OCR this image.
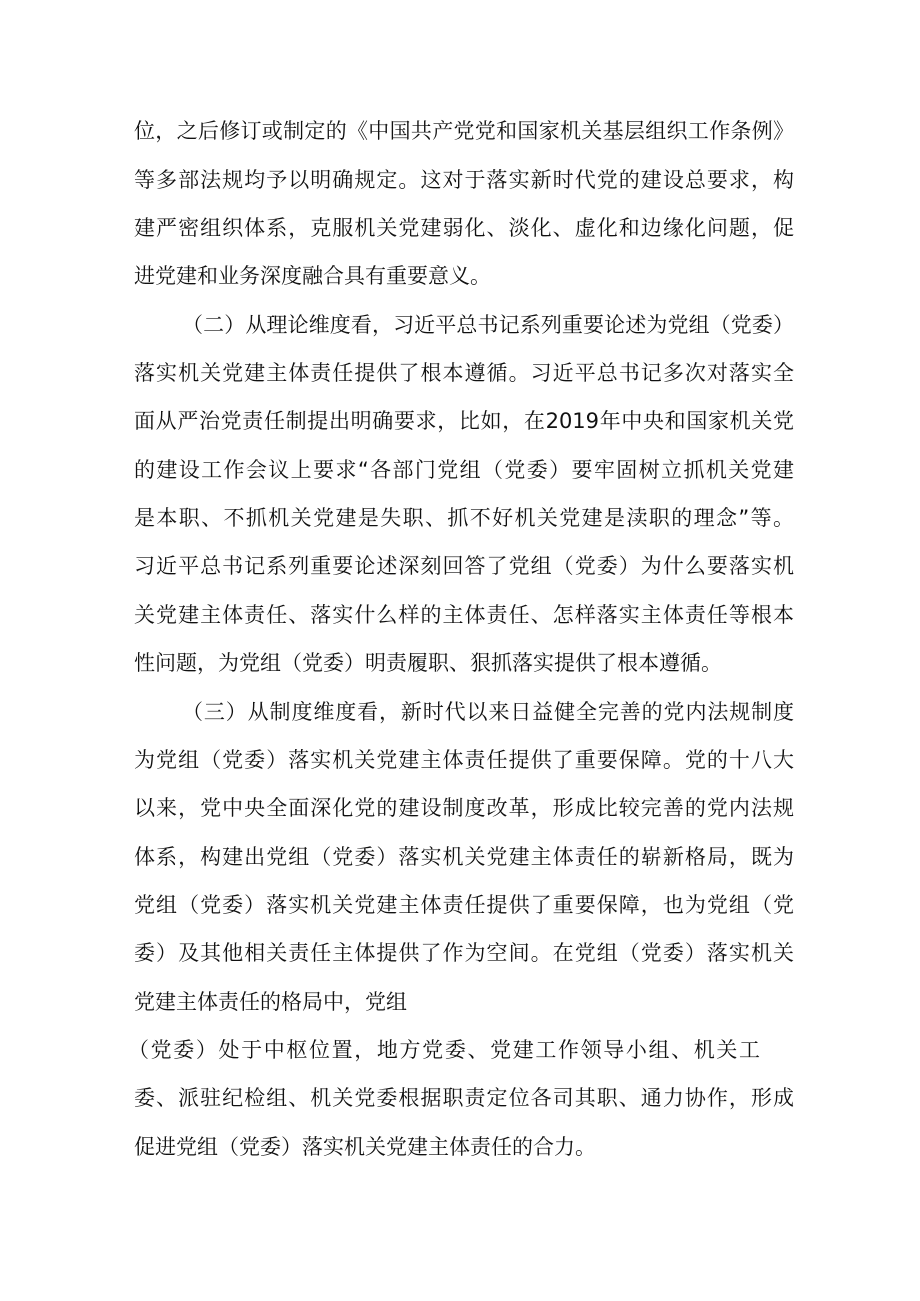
位，之后修订或制定的《中国共产党党和国家机关基层组织工作条例》
等多部法规均予以明确规定。这对于落实新时代党的建设总要求，构
建严密组织体系，克服机关党建弱化、淡化、虚化和边缘化问题，促
进党建和业务深度融合具有重要意义。
（二）从理论维度看，习近平总书记系列重要论述为党组（党委）
落实机关党建主体责任提供了根本遵循。习近平总书记多次对落实全
面从严治党责任制提出明确要求，比如，在2019年中央和国家机关党
的建设工作会议上要求“各部门党组（党委）要牢固树立抓机关党建
是本职、不抓机关党建是失职、抓不好机关党建是渎职的理念”等。
习近平总书记系列重要论述深刻回答了党组（党委）为什么要落实机
关党建主体责任、落实什么样的主体责任、怎样落实主体责任等根本
性问题，为党组（党委）明责履职、狠抓落实提供了根本遵循。
（三）从制度维度看，新时代以来日益健全完善的党内法规制度
为党组（党委）落实机关党建主体责任提供了重要保障。党的十八大
以来，党中央全面深化党的建设制度改革，形成比较完善的党内法规
体系，构建出党组（党委）落实机关党建主体责任的崭新格局，既为
党组（党委）落实机关党建主体责任提供了重要保障，也为党组（党
委）及其他相关责任主体提供了作为空间。在党组（党委）落实机关
党建主体责任的格局中，党组
（党委）处于中枢位置，地方党委、党建工作领导小组、机关工
委、派驻纪检组、机关党委根据职责定位各司其职、通力协作，形成
促进党组（党委）落实机关党建主体责任的合力。
